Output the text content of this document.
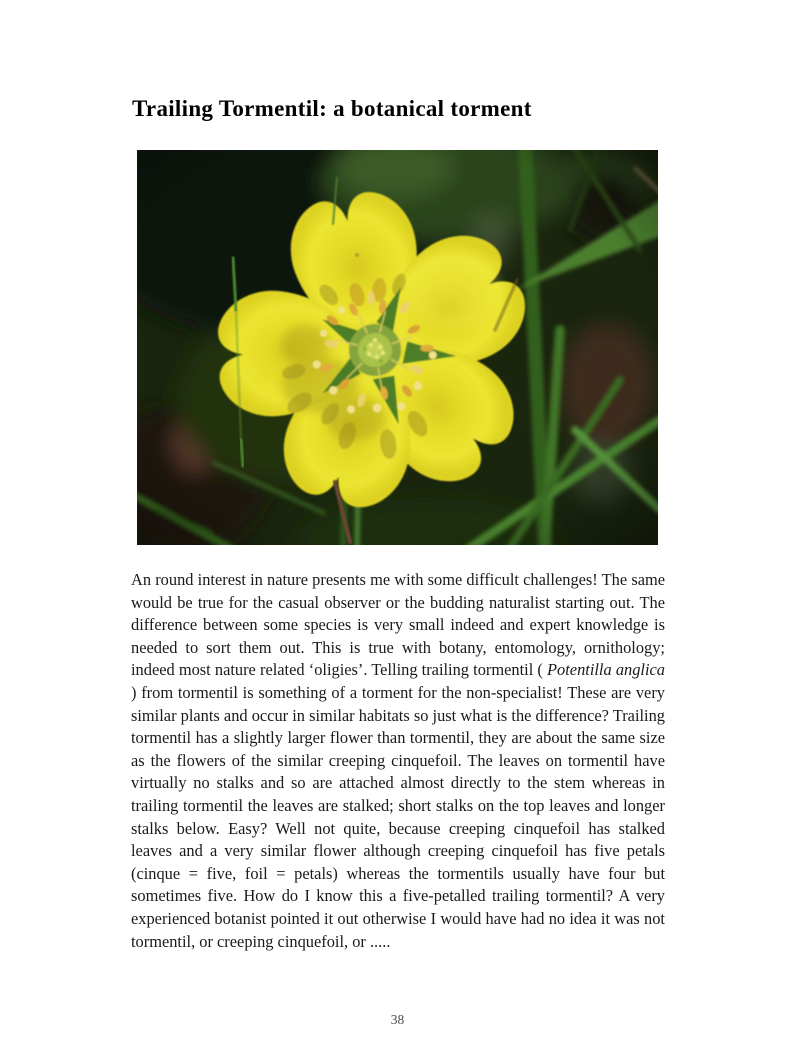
Trailing Tormentil: a botanical torment

An round interest in nature presents me with some difficult challenges! The same would be true for the casual observer or the budding naturalist starting out. The difference between some species is very small indeed and expert knowledge is needed to sort them out. This is true with botany, entomology, ornithology; indeed most nature related ‘oligies’. Telling trailing tormentil ( Potentilla anglica ) from tormentil is something of a torment for the non-specialist! These are very similar plants and occur in similar habitats so just what is the difference? Trailing tormentil has a slightly larger flower than tormentil, they are about the same size as the flowers of the similar creeping cinquefoil. The leaves on tormentil have virtually no stalks and so are attached almost directly to the stem whereas in trailing tormentil the leaves are stalked; short stalks on the top leaves and longer stalks below. Easy? Well not quite, because creeping cinquefoil has stalked leaves and a very similar flower although creeping cinquefoil has five petals (cinque = five, foil = petals) whereas the tormentils usually have four but sometimes five. How do I know this a five-petalled trailing tormentil? A very experienced botanist pointed it out otherwise I would have had no idea it was not tormentil, or creeping cinquefoil, or .....

38
